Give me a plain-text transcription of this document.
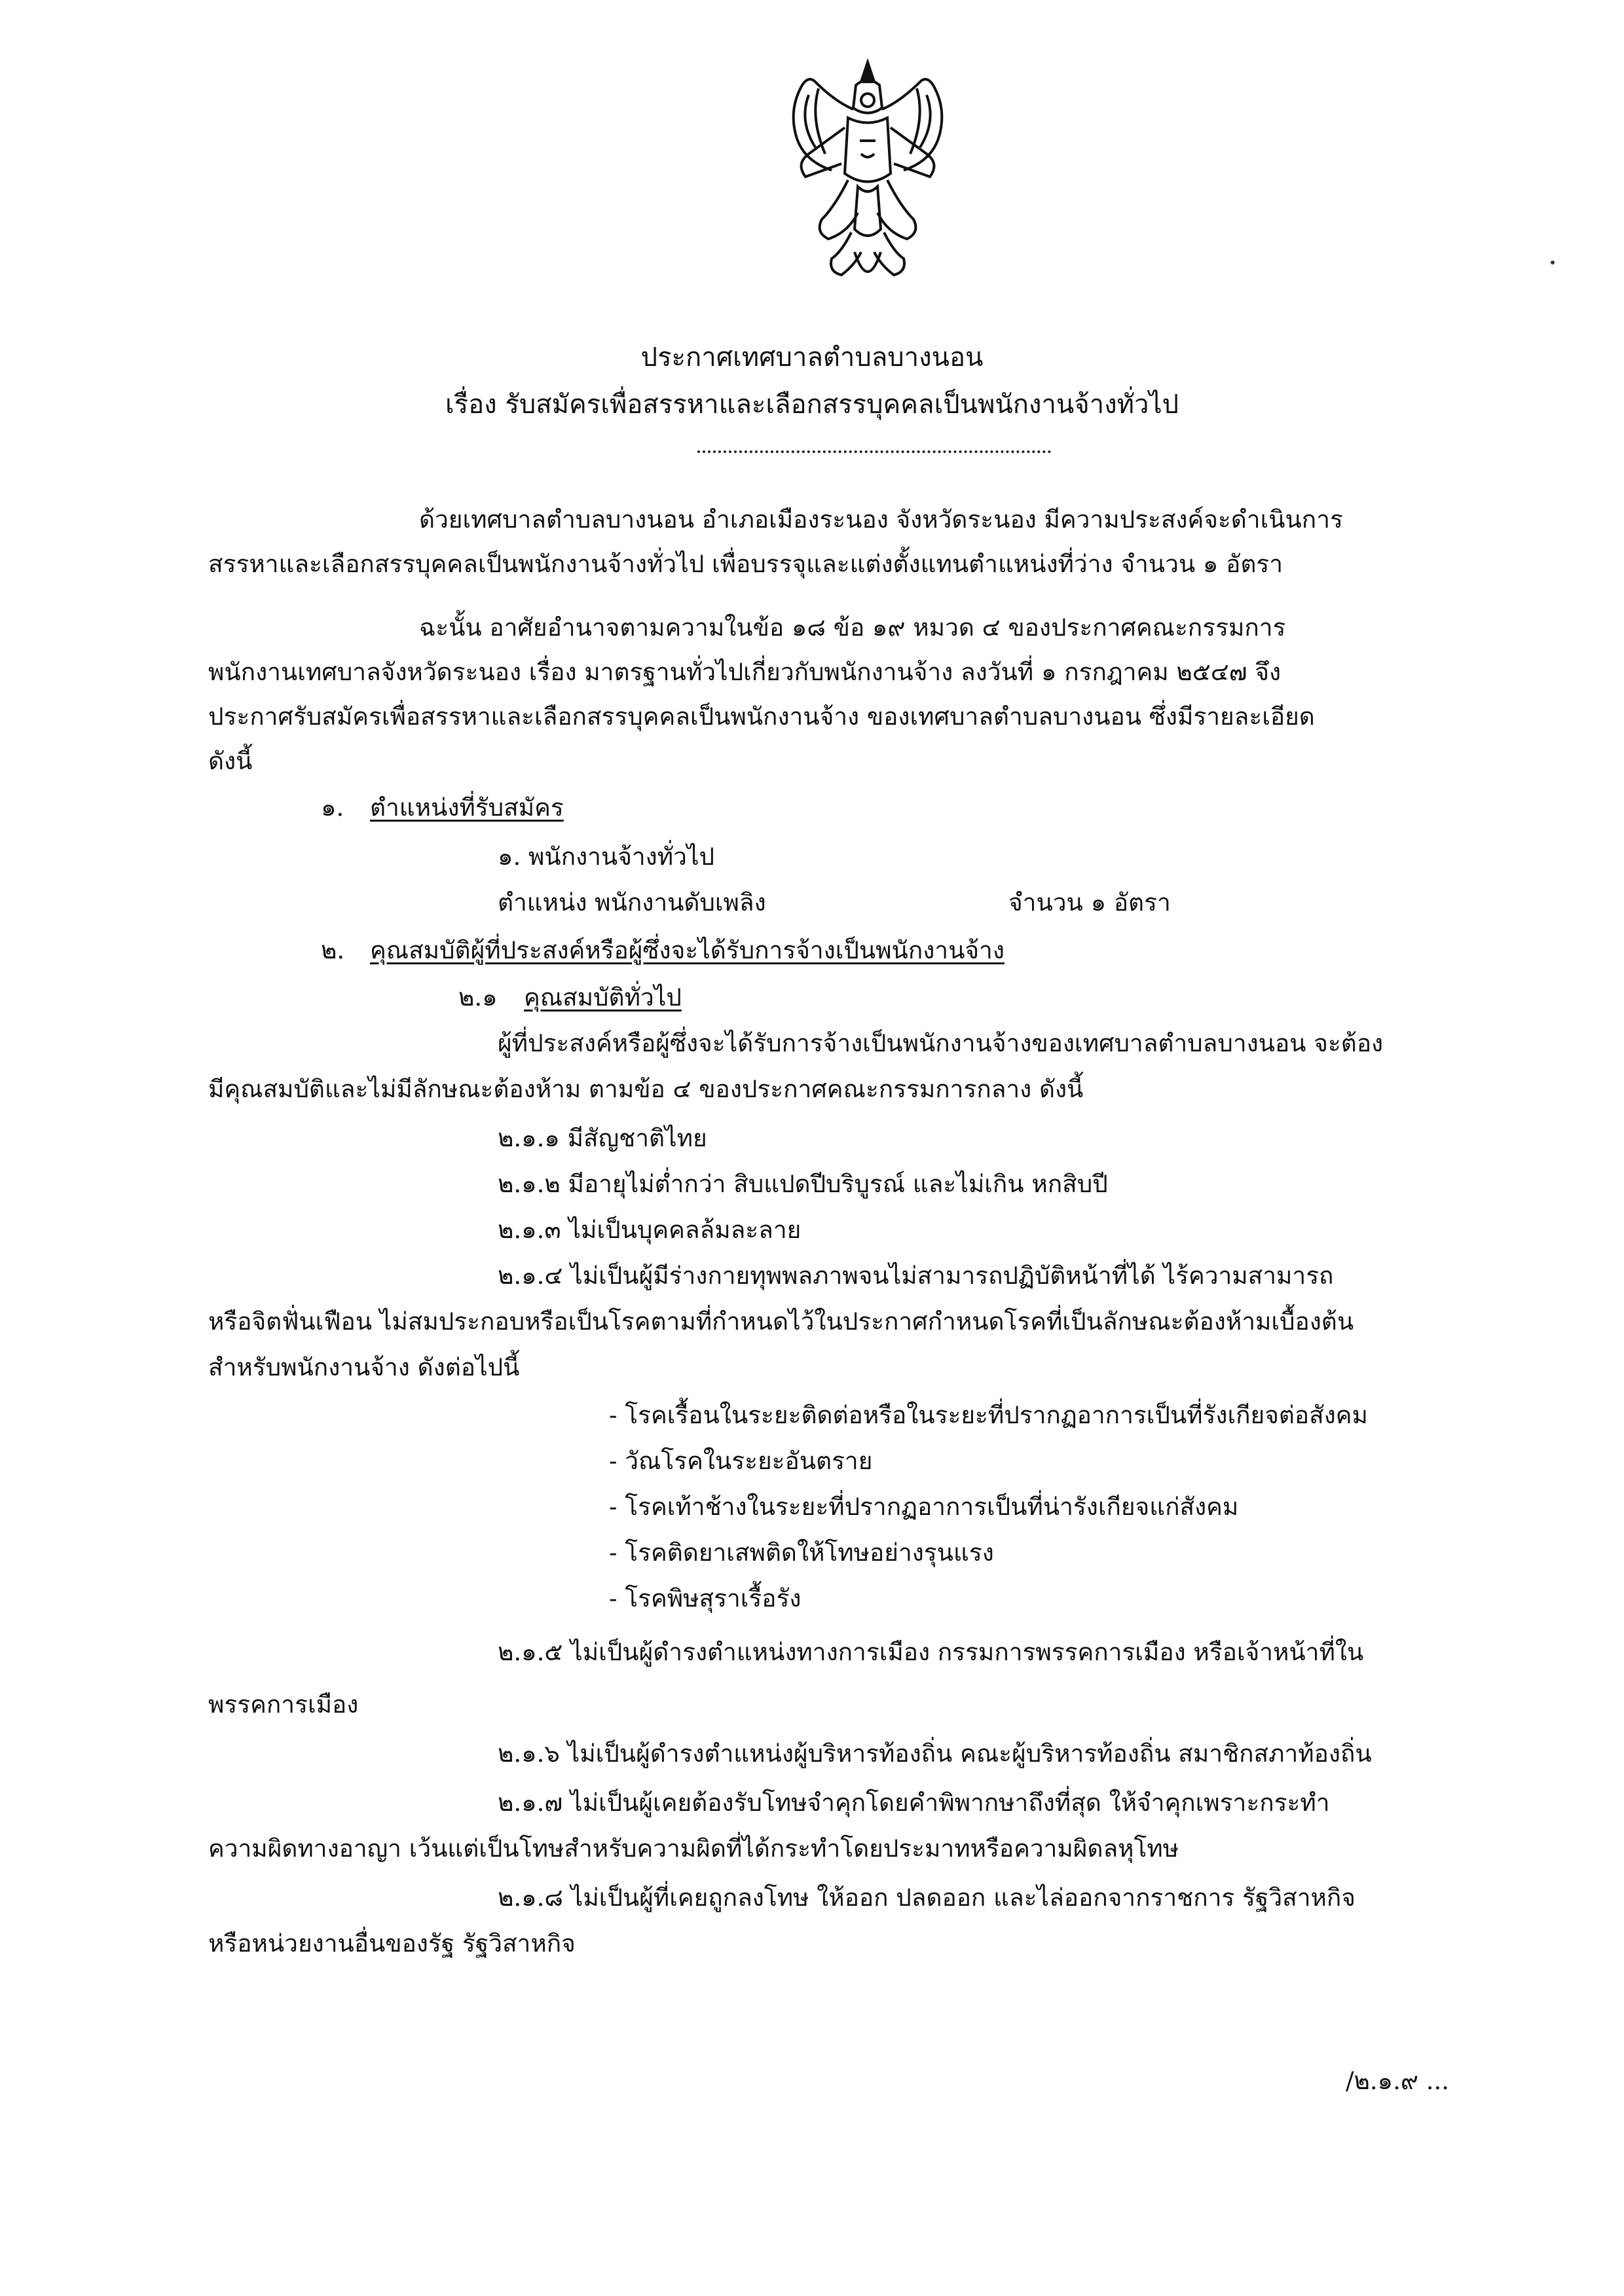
ประกาศเทศบาลตำบลบางนอน
เรื่อง รับสมัครเพื่อสรรหาและเลือกสรรบุคคลเป็นพนักงานจ้างทั่วไป
ด้วยเทศบาลตำบลบางนอน อำเภอเมืองระนอง จังหวัดระนอง มีความประสงค์จะดำเนินการ
สรรหาและเลือกสรรบุคคลเป็นพนักงานจ้างทั่วไป เพื่อบรรจุและแต่งตั้งแทนตำแหน่งที่ว่าง จำนวน ๑ อัตรา
ฉะนั้น อาศัยอำนาจตามความในข้อ ๑๘ ข้อ ๑๙ หมวด ๔ ของประกาศคณะกรรมการ
พนักงานเทศบาลจังหวัดระนอง เรื่อง มาตรฐานทั่วไปเกี่ยวกับพนักงานจ้าง ลงวันที่ ๑ กรกฎาคม ๒๕๔๗ จึง
ประกาศรับสมัครเพื่อสรรหาและเลือกสรรบุคคลเป็นพนักงานจ้าง ของเทศบาลตำบลบางนอน ซึ่งมีรายละเอียด
ดังนี้
๑. ตำแหน่งที่รับสมัคร
๑. พนักงานจ้างทั่วไป
ตำแหน่ง พนักงานดับเพลิง	จำนวน ๑ อัตรา
๒. คุณสมบัติผู้ที่ประสงค์หรือผู้ซึ่งจะได้รับการจ้างเป็นพนักงานจ้าง
๒.๑ คุณสมบัติทั่วไป
ผู้ที่ประสงค์หรือผู้ซึ่งจะได้รับการจ้างเป็นพนักงานจ้างของเทศบาลตำบลบางนอน จะต้อง
มีคุณสมบัติและไม่มีลักษณะต้องห้าม ตามข้อ ๔ ของประกาศคณะกรรมการกลาง ดังนี้
๒.๑.๑ มีสัญชาติไทย
๒.๑.๒ มีอายุไม่ต่ำกว่า สิบแปดปีบริบูรณ์ และไม่เกิน หกสิบปี
๒.๑.๓ ไม่เป็นบุคคลล้มละลาย
๒.๑.๔ ไม่เป็นผู้มีร่างกายทุพพลภาพจนไม่สามารถปฏิบัติหน้าที่ได้ ไร้ความสามารถ
หรือจิตฟั่นเฟือน ไม่สมประกอบหรือเป็นโรคตามที่กำหนดไว้ในประกาศกำหนดโรคที่เป็นลักษณะต้องห้ามเบื้องต้น
สำหรับพนักงานจ้าง ดังต่อไปนี้
- โรคเรื้อนในระยะติดต่อหรือในระยะที่ปรากฏอาการเป็นที่รังเกียจต่อสังคม
- วัณโรคในระยะอันตราย
- โรคเท้าช้างในระยะที่ปรากฏอาการเป็นที่น่ารังเกียจแก่สังคม
- โรคติดยาเสพติดให้โทษอย่างรุนแรง
- โรคพิษสุราเรื้อรัง
๒.๑.๕ ไม่เป็นผู้ดำรงตำแหน่งทางการเมือง กรรมการพรรคการเมือง หรือเจ้าหน้าที่ใน
พรรคการเมือง
๒.๑.๖ ไม่เป็นผู้ดำรงตำแหน่งผู้บริหารท้องถิ่น คณะผู้บริหารท้องถิ่น สมาชิกสภาท้องถิ่น
๒.๑.๗ ไม่เป็นผู้เคยต้องรับโทษจำคุกโดยคำพิพากษาถึงที่สุด ให้จำคุกเพราะกระทำ
ความผิดทางอาญา เว้นแต่เป็นโทษสำหรับความผิดที่ได้กระทำโดยประมาทหรือความผิดลหุโทษ
๒.๑.๘ ไม่เป็นผู้ที่เคยถูกลงโทษ ให้ออก ปลดออก และไล่ออกจากราชการ รัฐวิสาหกิจ
หรือหน่วยงานอื่นของรัฐ รัฐวิสาหกิจ
/๒.๑.๙ ...
